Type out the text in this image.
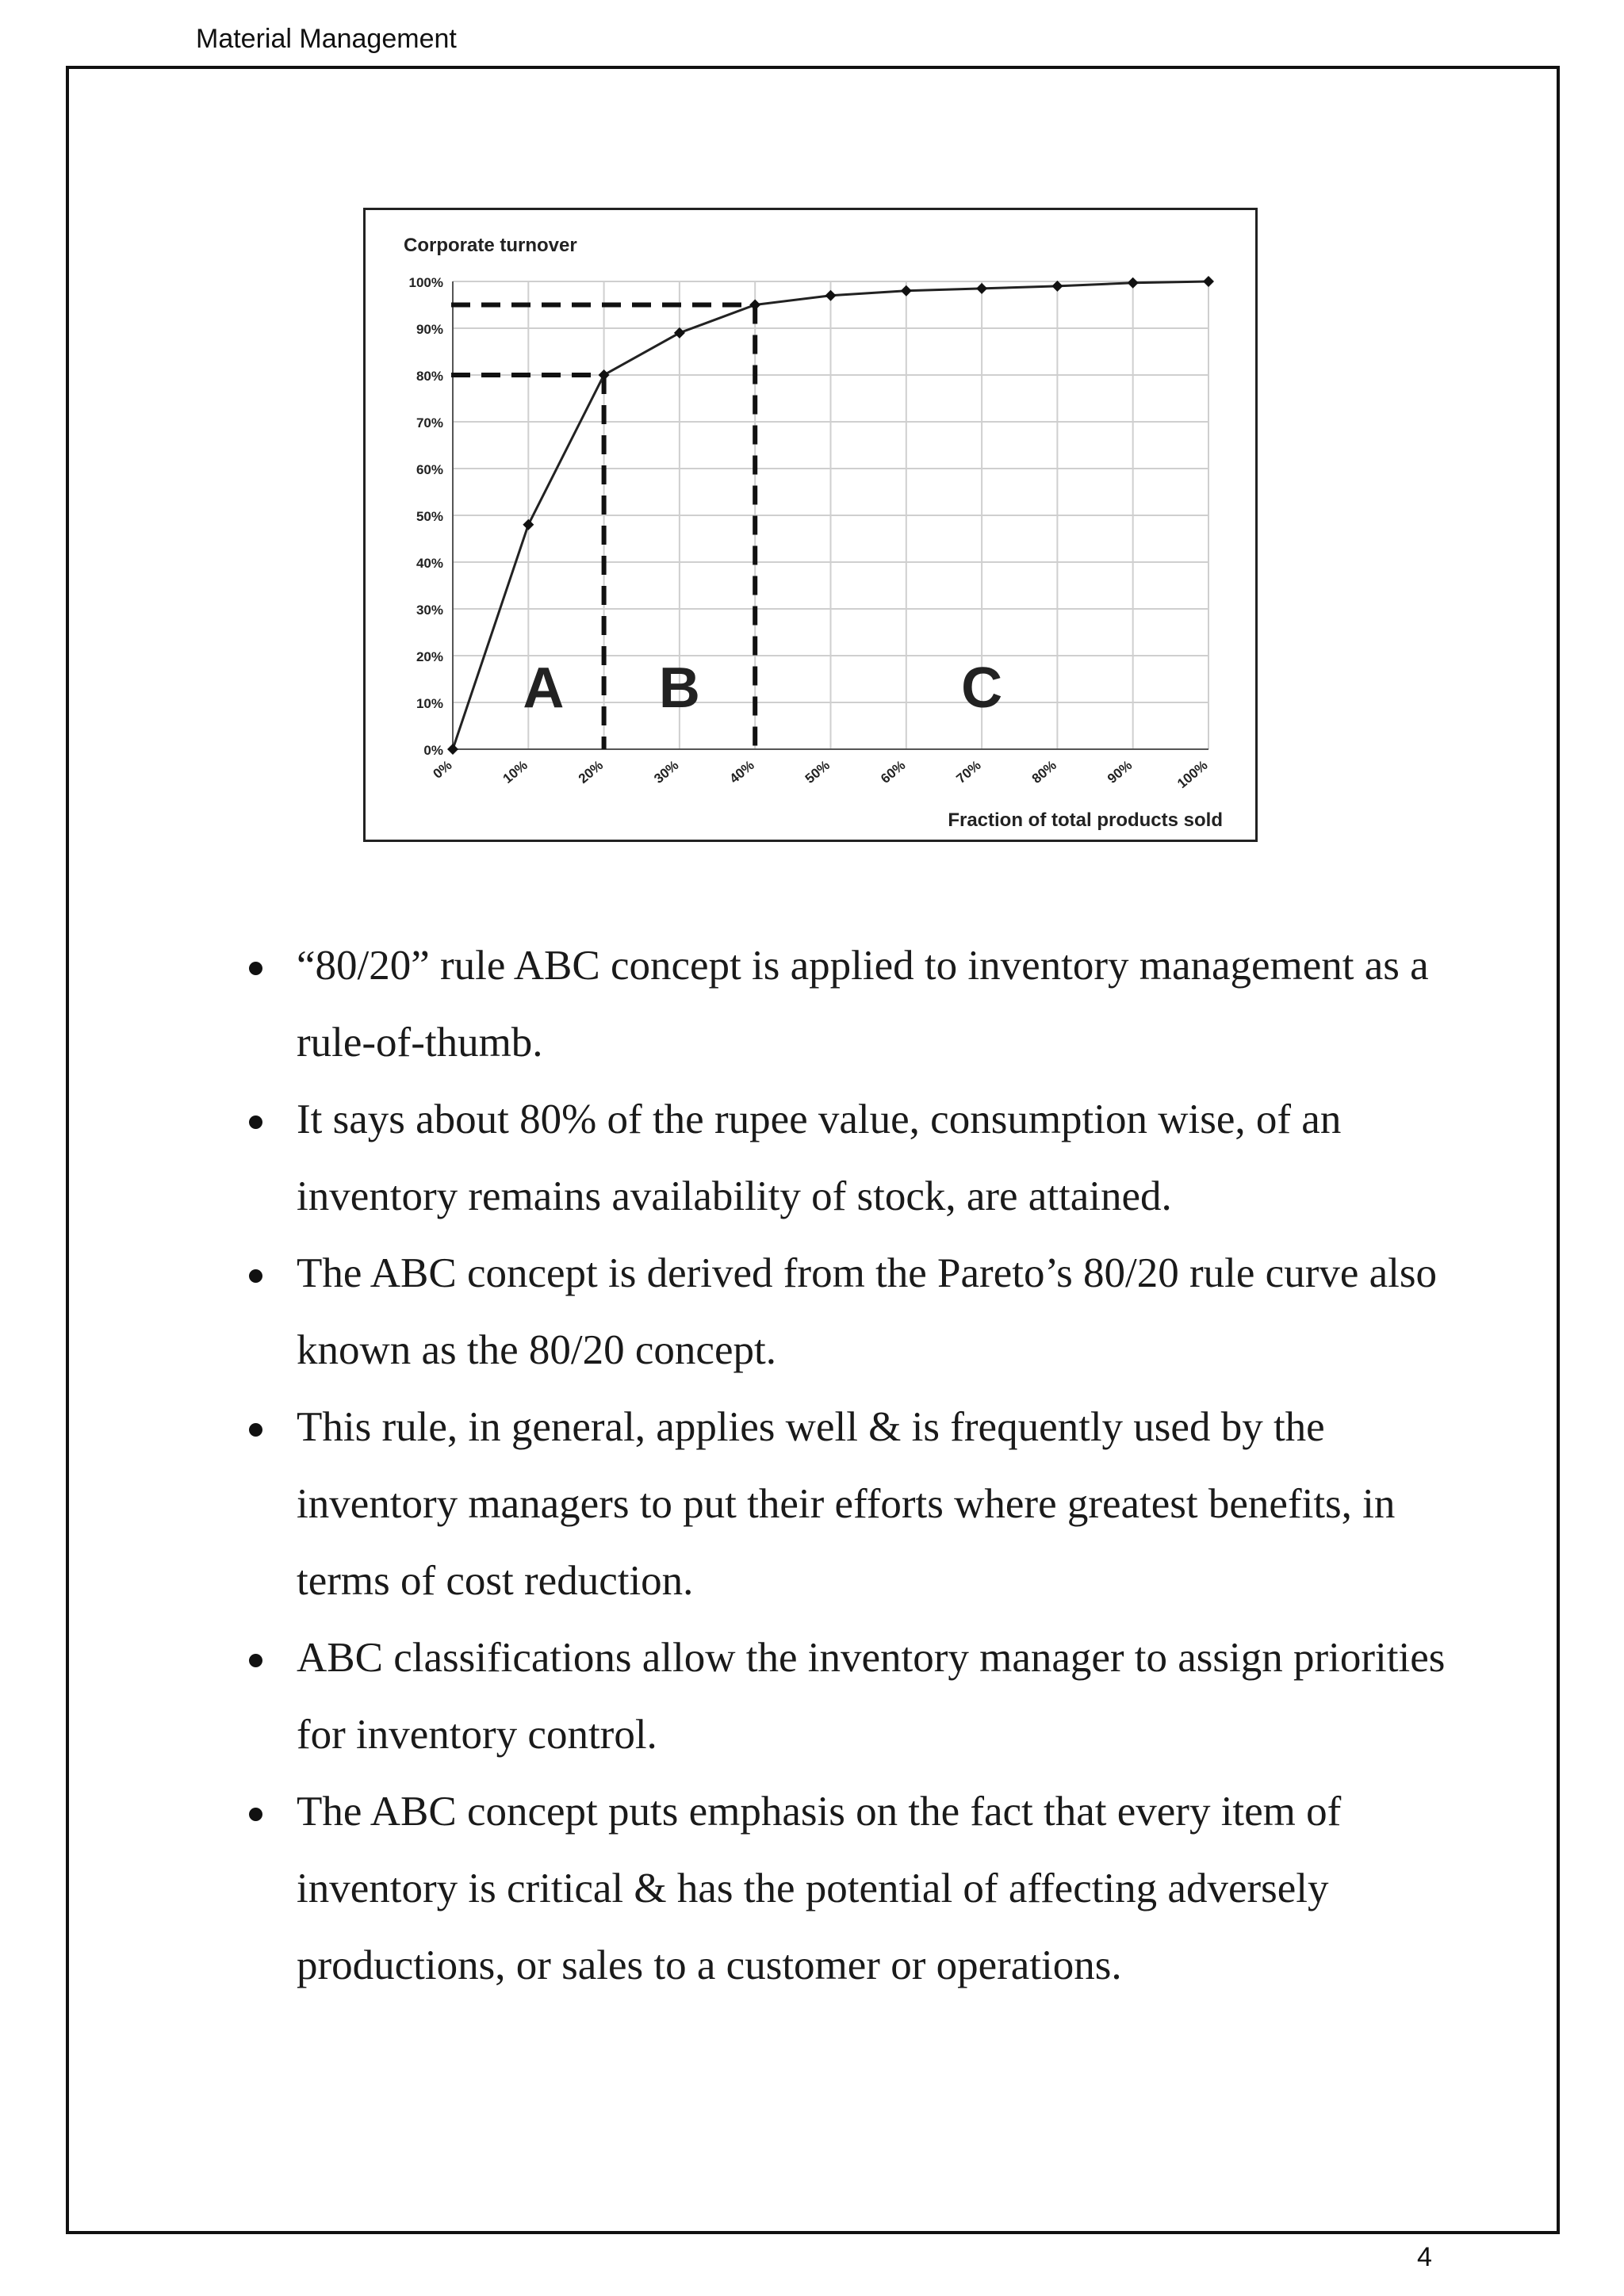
Material Management
0%
10%
20%
30%
40%
50%
60%
70%
80%
90%
100%
0%	10%	20%	30%	40%	50%	60%	70%	80%	90%	100%
Corporate turnover
Fraction of total products sold
A B	C
“80/20” rule ABC concept is applied to inventory management as a rule-of-thumb.
It says about 80% of the rupee value, consumption wise, of an inventory remains availability of stock, are attained.
The ABC concept is derived from the Pareto’s 80/20 rule curve also known as the 80/20 concept.
This rule, in general, applies well & is frequently used by the inventory managers to put their efforts where greatest benefits, in terms of cost reduction.
ABC classifications allow the inventory manager to assign priorities for inventory control.
The ABC concept puts emphasis on the fact that every item of inventory is critical & has the potential of affecting adversely productions, or sales to a customer or operations.
4
